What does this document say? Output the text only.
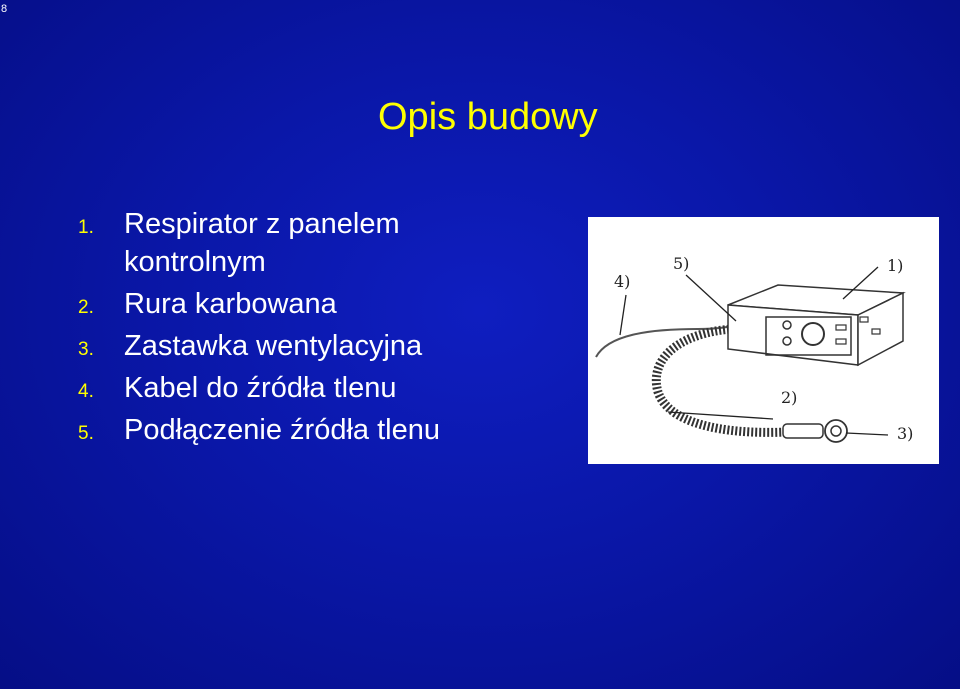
8
Opis budowy
1.	Respirator z panelem kontrolnym
2.	Rura karbowana
3.	Zastawka wentylacyjna
4.	Kabel do źródła tlenu
5.	Podłączenie źródła tlenu
1)
2)
3)
4)
5)
